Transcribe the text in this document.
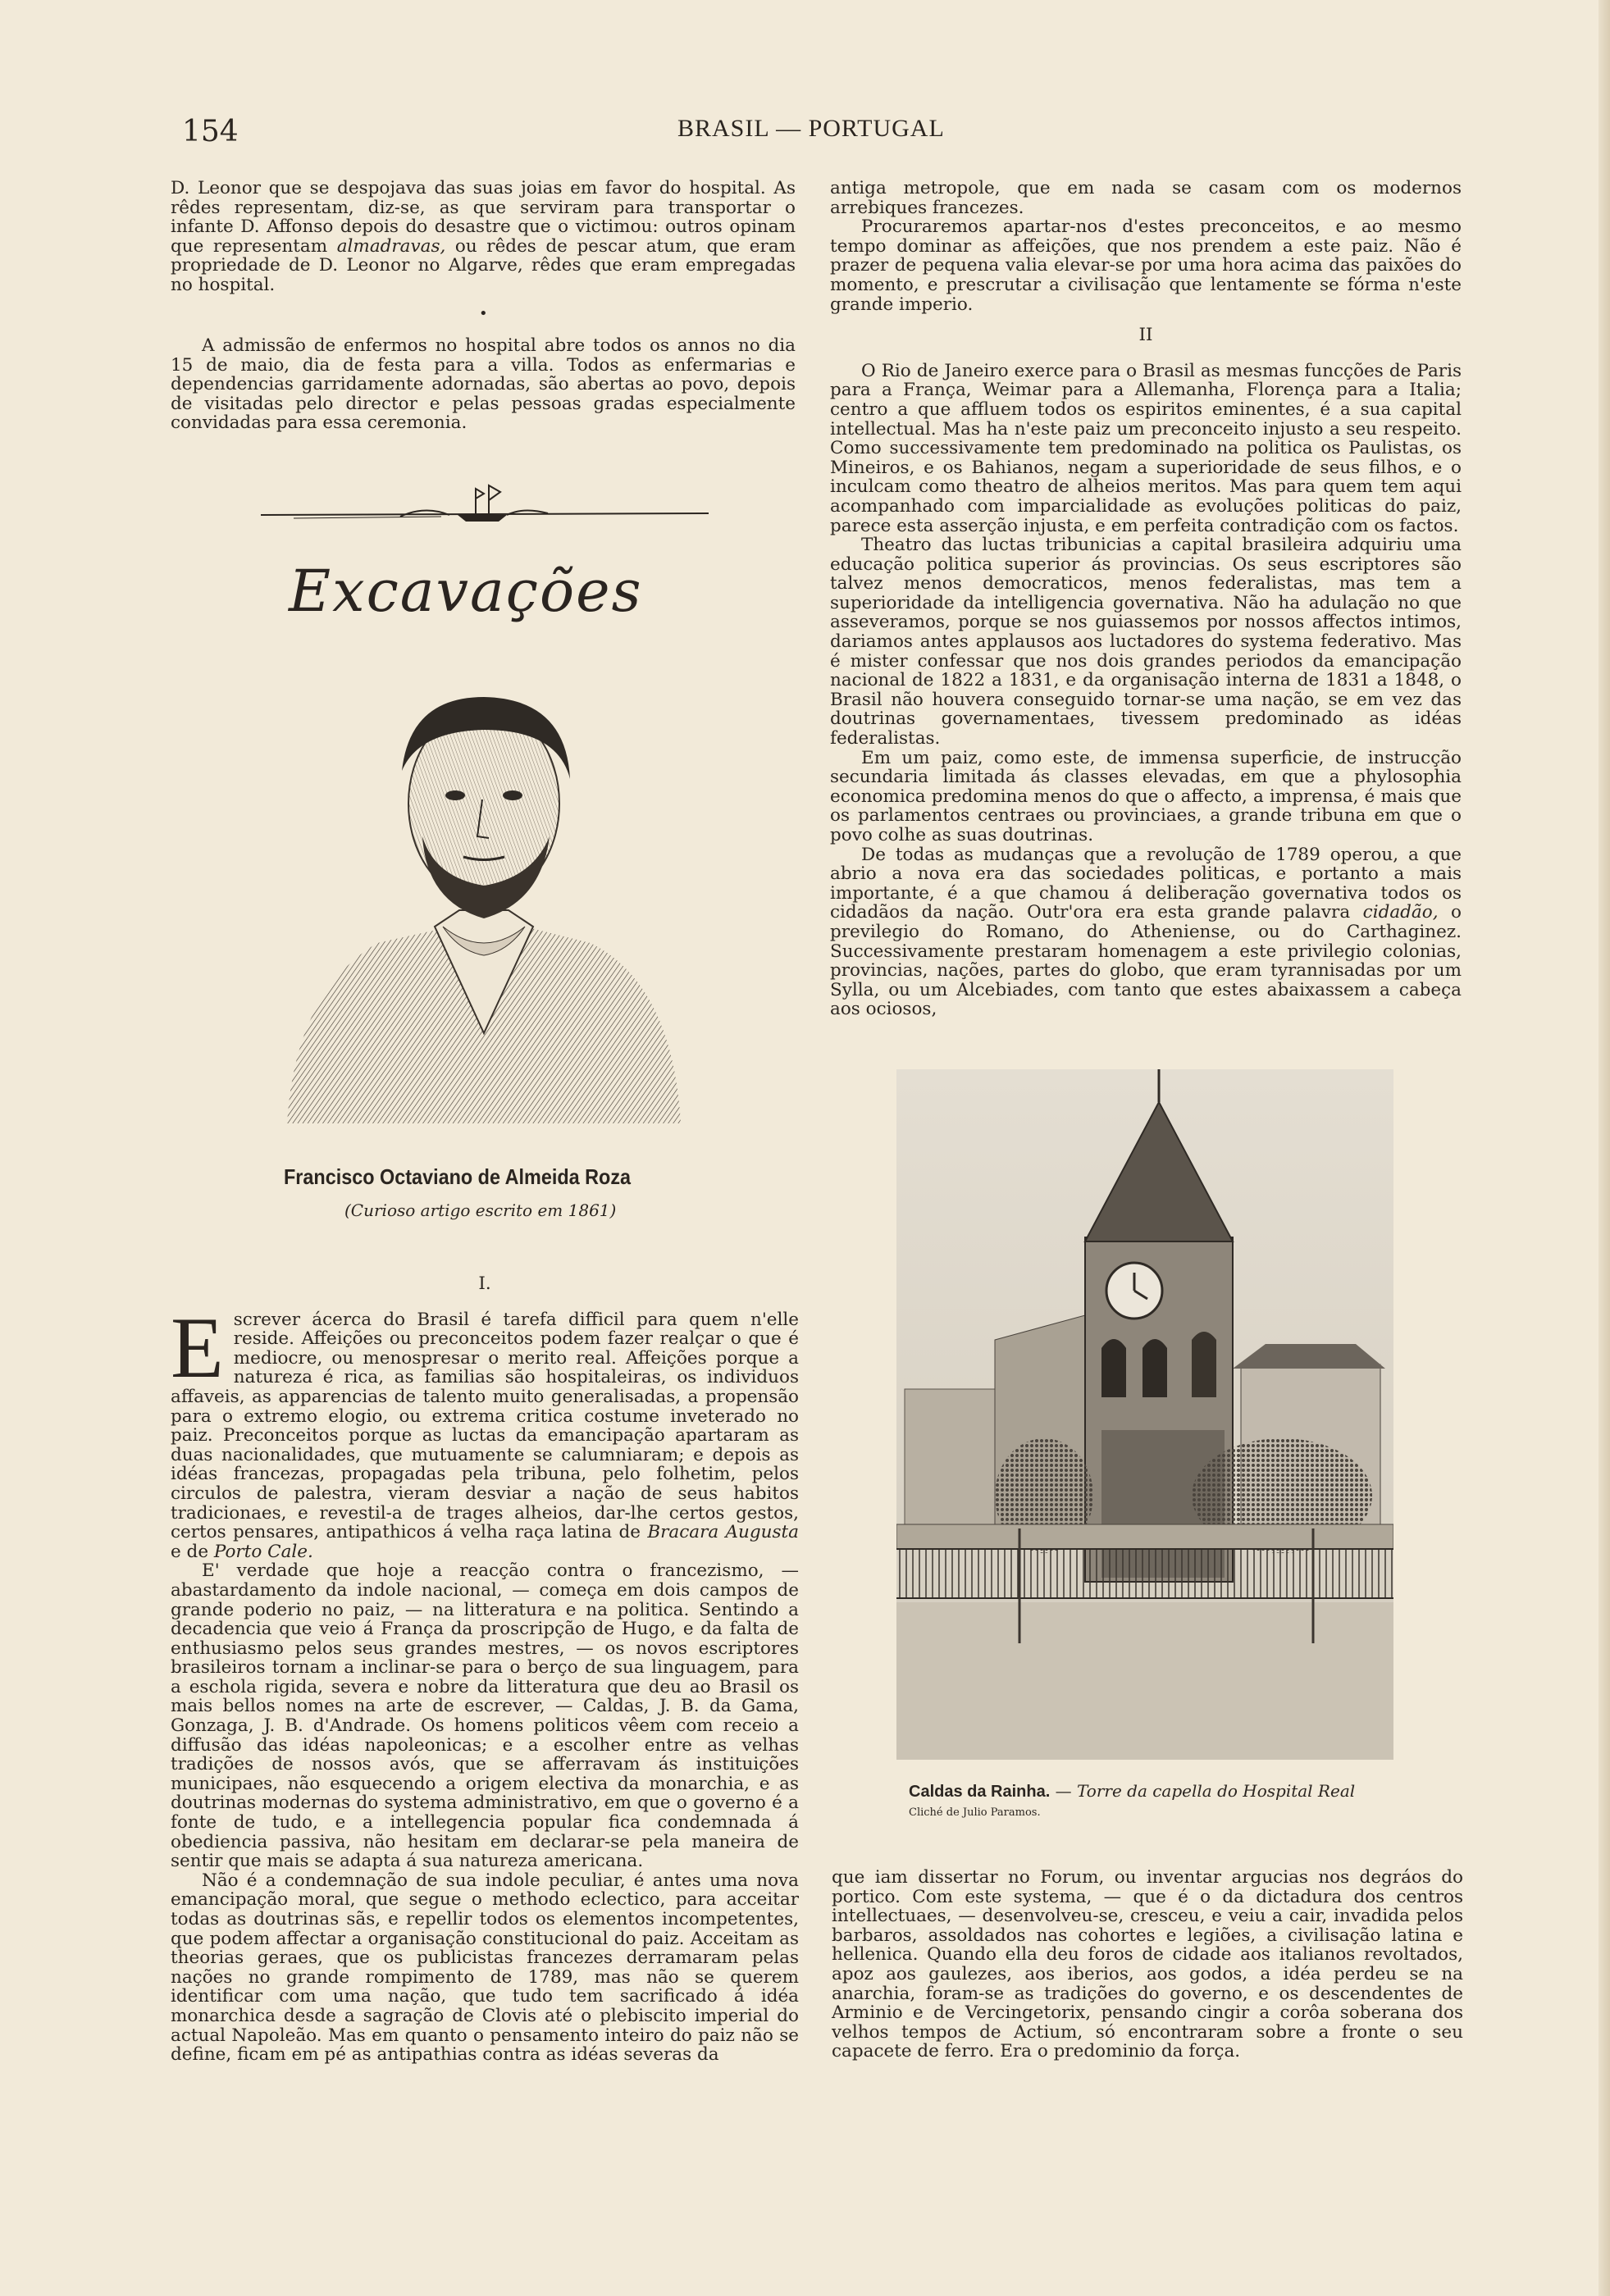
154	BRASIL — PORTUGAL

D. Leonor que se despojava das suas joias em favor do hospital. As rêdes representam, diz-se, as que serviram para transportar o infante D. Affonso depois do desastre que o victimou: outros opinam que representam almadravas, ou rêdes de pescar atum, que eram propriedade de D. Leonor no Algarve, rêdes que eram empregadas no hospital.

•

A admissão de enfermos no hospital abre todos os annos no dia 15 de maio, dia de festa para a villa. Todos as enfermarias e dependencias garridamente adornadas, são abertas ao povo, depois de visitadas pelo director e pelas pessoas gradas especialmente convidadas para essa ceremonia.

Excavações
Francisco Octaviano de Almeida Roza
(Curioso artigo escrito em 1861)

I.

Escrever ácerca do Brasil é tarefa difficil para quem n'elle reside. Affeições ou preconceitos podem fazer realçar o que é mediocre, ou menospresar o merito real. Affeições porque a natureza é rica, as familias são hospitaleiras, os individuos affaveis, as apparencias de talento muito generalisadas, a propensão para o extremo elogio, ou extrema critica costume inveterado no paiz. Preconceitos porque as luctas da emancipação apartaram as duas nacionalidades, que mutuamente se calumniaram; e depois as idéas francezas, propagadas pela tribuna, pelo folhetim, pelos circulos de palestra, vieram desviar a nação de seus habitos tradicionaes, e revestil-a de trages alheios, dar-lhe certos gestos, certos pensares, antipathicos á velha raça latina de Bracara Augusta e de Porto Cale.

E' verdade que hoje a reacção contra o francezismo, — abastardamento da indole nacional, — começa em dois campos de grande poderio no paiz, — na litteratura e na politica. Sentindo a decadencia que veio á França da proscripção de Hugo, e da falta de enthusiasmo pelos seus grandes mestres, — os novos escriptores brasileiros tornam a inclinar-se para o berço de sua linguagem, para a escholа rigida, severa e nobre da litteratura que deu ao Brasil os mais bellos nomes na arte de escrever, — Caldas, J. B. da Gama, Gonzaga, J. B. d'Andrade. Os homens politicos vêem com receio a diffusão das idéas napoleonicas; e a escolher entre as velhas tradições de nossos avós, que se afferravam ás instituições municipaes, não esquecendo a origem electiva da monarchia, e as doutrinas modernas do systema administrativo, em que o governo é a fonte de tudo, e a intellegencia popular fica condemnada á obediencia passiva, não hesitam em declarar-se pela maneira de sentir que mais se adapta á sua natureza americana.

Não é a condemnação de sua indole peculiar, é antes uma nova emancipação moral, que segue o methodo eclectico, para acceitar todas as doutrinas sãs, e repellir todos os elementos incompetentes, que podem affectar a organisação constitucional do paiz. Acceitam as theorias geraes, que os publicistas francezes derramaram pelas nações no grande rompimento de 1789, mas não se querem identificar com uma nação, que tudo tem sacrificado á idéa monarchica desde a sagração de Clovis até o plebiscito imperial do actual Napoleão. Mas em quanto o pensamento inteiro do paiz não se define, ficam em pé as antipathias contra as idéas severas da

antiga metropole, que em nada se casam com os modernos arrebiques francezes.

Procuraremos apartar-nos d'estes preconceitos, e ao mesmo tempo dominar as affeições, que nos prendem a este paiz. Não é prazer de pequena valia elevar-se por uma hora acima das paixões do momento, e prescrutar a civilisação que lentamente se fórma n'este grande imperio.

II

O Rio de Janeiro exerce para o Brasil as mesmas funcções de Paris para a França, Weimar para a Allemanha, Florença para a Italia; centro a que affluem todos os espiritos eminentes, é a sua capital intellectual. Mas ha n'este paiz um preconceito injusto a seu respeito. Como successivamente tem predominado na politica os Paulistas, os Mineiros, e os Bahianos, negam a superioridade de seus filhos, e o inculcam como theatro de alheios meritos. Mas para quem tem aqui acompanhado com imparcialidade as evoluções politicas do paiz, parece esta asserção injusta, e em perfeita contradição com os factos.

Theatro das luctas tribunicias a capital brasileira adquiriu uma educação politica superior ás provincias. Os seus escriptores são talvez menos democraticos, menos federalistas, mas tem a superioridade da intelligencia governativa. Não ha adulação no que asseveramos, porque se nos guiassemos por nossos affectos intimos, dariamos antes applausos aos luctadores do systema federativo. Mas é mister confessar que nos dois grandes periodos da emancipação nacional de 1822 a 1831, e da organisação interna de 1831 a 1848, o Brasil não houvera conseguido tornar-se uma nação, se em vez das doutrinas governamentaes, tivessem predominado as idéas federalistas.

Em um paiz, como este, de immensa superficie, de instrucção secundaria limitada ás classes elevadas, em que a phylosophia economica predomina menos do que o affecto, a imprensa, é mais que os parlamentos centraes ou provinciaes, a grande tribuna em que o povo colhe as suas doutrinas.

De todas as mudanças que a revolução de 1789 operou, a que abrio a nova era das sociedades politicas, e portanto a mais importante, é a que chamou á deliberação governativa todos os cidadãos da nação. Outr'ora era esta grande palavra cidadão, o previlegio do Romano, do Atheniense, ou do Carthaginez. Successivamente prestaram homenagem a este privilegio colonias, provincias, nações, partes do globo, que eram tyrannisadas por um Sylla, ou um Alcebiades, com tanto que estes abaixassem a cabeça aos ociosos,

Caldas da Rainha. — Torre da capella do Hospital Real
Cliché de Julio Paramos.

que iam dissertar no Forum, ou inventar argucias nos degráos do portico. Com este systema, — que é o da dictadura dos centros intellectuaes, — desenvolveu-se, cresceu, e veiu a cair, invadida pelos barbaros, assoldados nas cohortes e legiões, a civilisação latina e hellenica. Quando ella deu foros de cidade aos italianos revoltados, apoz aos gaulezes, aos iberios, aos godos, a idéa perdeu se na anarchia, foram-se as tradições do governo, e os descendentes de Arminio e de Vercingetorix, pensando cingir a corôa soberana dos velhos tempos de Actium, só encontraram sobre a fronte o seu capacete de ferro. Era o predominio da força.
